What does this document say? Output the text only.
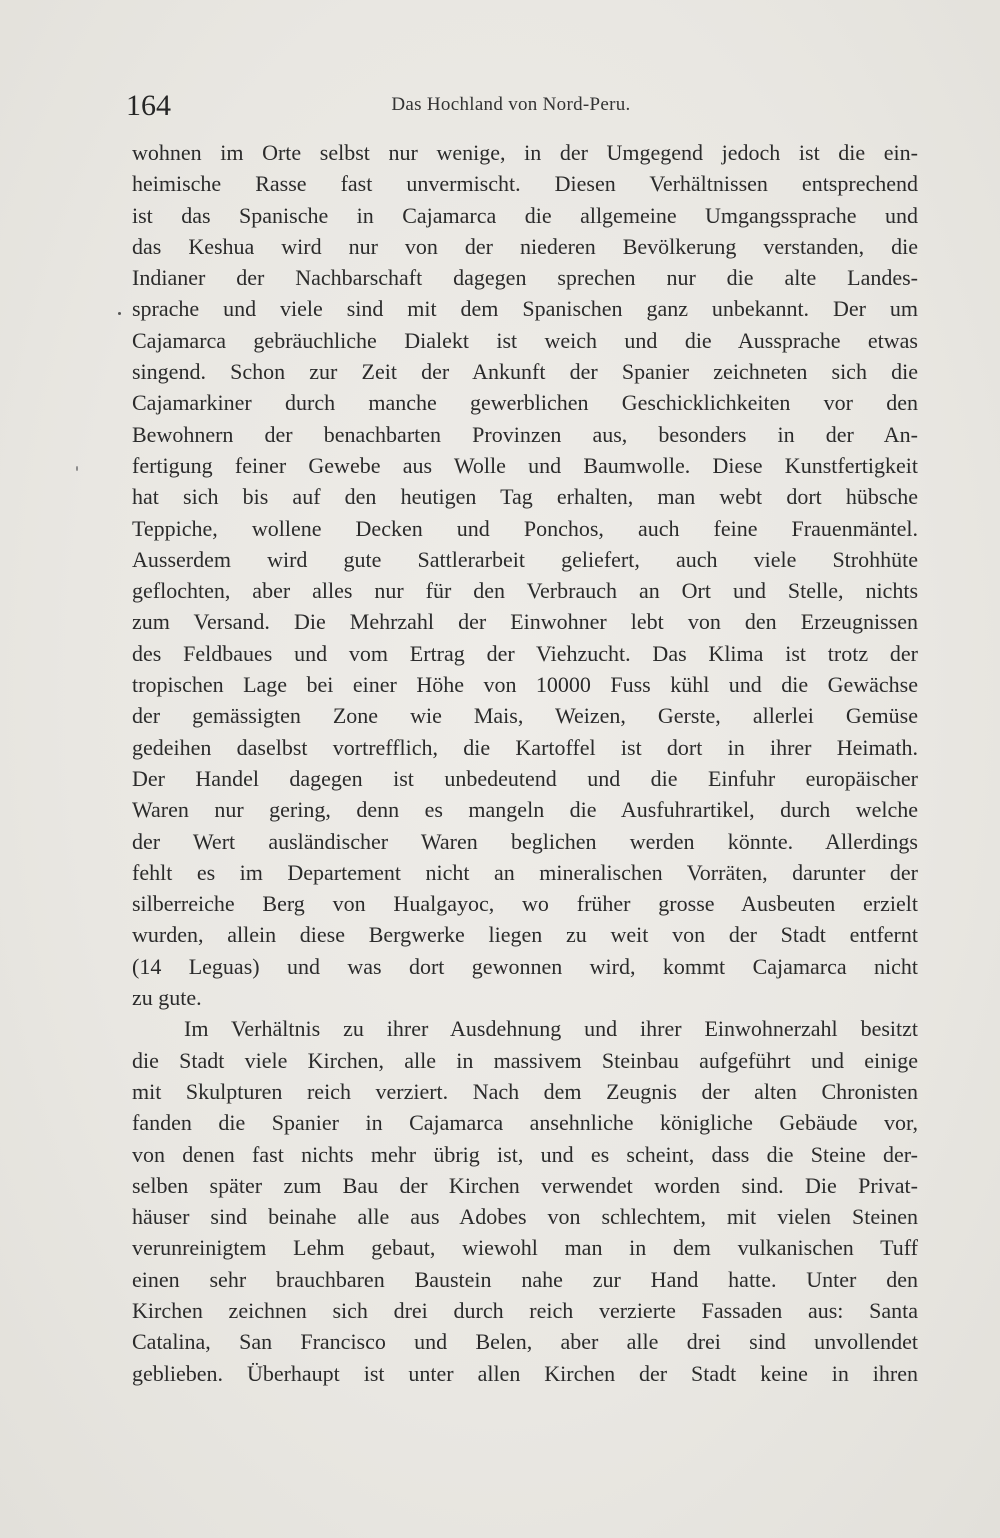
164	Das Hochland von Nord-Peru.
wohnen im Orte selbst nur wenige, in der Umgegend jedoch ist die ein-
heimische Rasse fast unvermischt. Diesen Verhältnissen entsprechend
ist das Spanische in Cajamarca die allgemeine Umgangssprache und
das Keshua wird nur von der niederen Bevölkerung verstanden, die
Indianer der Nachbarschaft dagegen sprechen nur die alte Landes-
sprache und viele sind mit dem Spanischen ganz unbekannt. Der um
Cajamarca gebräuchliche Dialekt ist weich und die Aussprache etwas
singend. Schon zur Zeit der Ankunft der Spanier zeichneten sich die
Cajamarkiner durch manche gewerblichen Geschicklichkeiten vor den
Bewohnern der benachbarten Provinzen aus, besonders in der An-
fertigung feiner Gewebe aus Wolle und Baumwolle. Diese Kunstfertigkeit
hat sich bis auf den heutigen Tag erhalten, man webt dort hübsche
Teppiche, wollene Decken und Ponchos, auch feine Frauenmäntel.
Ausserdem wird gute Sattlerarbeit geliefert, auch viele Strohhüte
geflochten, aber alles nur für den Verbrauch an Ort und Stelle, nichts
zum Versand. Die Mehrzahl der Einwohner lebt von den Erzeugnissen
des Feldbaues und vom Ertrag der Viehzucht. Das Klima ist trotz der
tropischen Lage bei einer Höhe von 10000 Fuss kühl und die Gewächse
der gemässigten Zone wie Mais, Weizen, Gerste, allerlei Gemüse
gedeihen daselbst vortrefflich, die Kartoffel ist dort in ihrer Heimath.
Der Handel dagegen ist unbedeutend und die Einfuhr europäischer
Waren nur gering, denn es mangeln die Ausfuhrartikel, durch welche
der Wert ausländischer Waren beglichen werden könnte. Allerdings
fehlt es im Departement nicht an mineralischen Vorräten, darunter der
silberreiche Berg von Hualgayoc, wo früher grosse Ausbeuten erzielt
wurden, allein diese Bergwerke liegen zu weit von der Stadt entfernt
(14 Leguas) und was dort gewonnen wird, kommt Cajamarca nicht
zu gute.
Im Verhältnis zu ihrer Ausdehnung und ihrer Einwohnerzahl besitzt
die Stadt viele Kirchen, alle in massivem Steinbau aufgeführt und einige
mit Skulpturen reich verziert. Nach dem Zeugnis der alten Chronisten
fanden die Spanier in Cajamarca ansehnliche königliche Gebäude vor,
von denen fast nichts mehr übrig ist, und es scheint, dass die Steine der-
selben später zum Bau der Kirchen verwendet worden sind. Die Privat-
häuser sind beinahe alle aus Adobes von schlechtem, mit vielen Steinen
verunreinigtem Lehm gebaut, wiewohl man in dem vulkanischen Tuff
einen sehr brauchbaren Baustein nahe zur Hand hatte. Unter den
Kirchen zeichnen sich drei durch reich verzierte Fassaden aus: Santa
Catalina, San Francisco und Belen, aber alle drei sind unvollendet
geblieben. Überhaupt ist unter allen Kirchen der Stadt keine in ihren
